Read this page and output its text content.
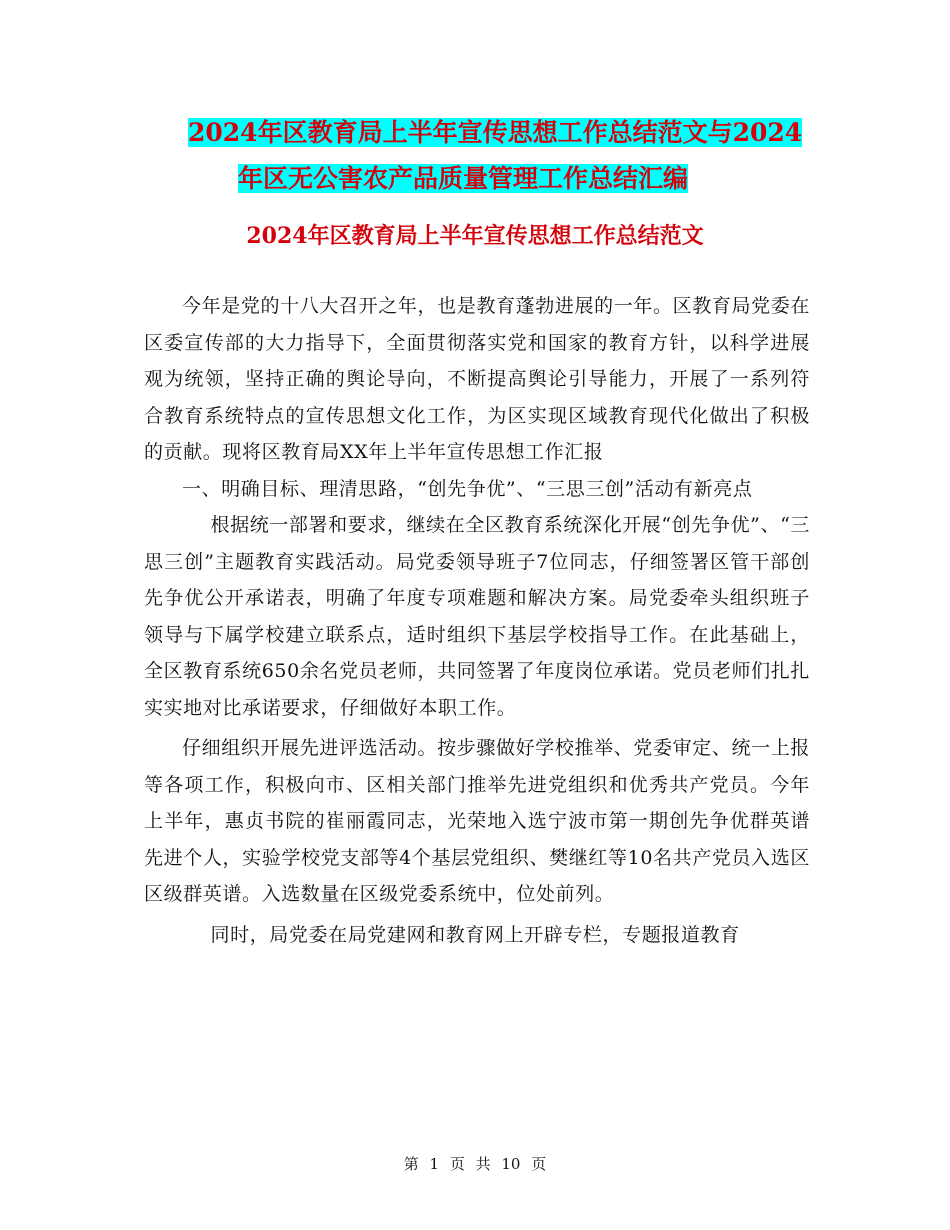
2024年区教育局上半年宣传思想工作总结范文与2024
年区无公害农产品质量管理工作总结汇编
2024年区教育局上半年宣传思想工作总结范文

今年是党的十八大召开之年，也是教育蓬勃进展的一年。区教育局党委在区委宣传部的大力指导下，全面贯彻落实党和国家的教育方针，以科学进展观为统领，坚持正确的舆论导向，不断提高舆论引导能力，开展了一系列符合教育系统特点的宣传思想文化工作，为区实现区域教育现代化做出了积极的贡献。现将区教育局XX年上半年宣传思想工作汇报

一、明确目标、理清思路，“创先争优”、“三思三创”活动有新亮点

根据统一部署和要求，继续在全区教育系统深化开展“创先争优”、“三思三创”主题教育实践活动。局党委领导班子7位同志，仔细签署区管干部创先争优公开承诺表，明确了年度专项难题和解决方案。局党委牵头组织班子领导与下属学校建立联系点，适时组织下基层学校指导工作。在此基础上，全区教育系统650余名党员老师，共同签署了年度岗位承诺。党员老师们扎扎实实地对比承诺要求，仔细做好本职工作。

仔细组织开展先进评选活动。按步骤做好学校推举、党委审定、统一上报等各项工作，积极向市、区相关部门推举先进党组织和优秀共产党员。今年上半年，惠贞书院的崔丽霞同志，光荣地入选宁波市第一期创先争优群英谱先进个人，实验学校党支部等4个基层党组织、樊继红等10名共产党员入选区区级群英谱。入选数量在区级党委系统中，位处前列。

同时，局党委在局党建网和教育网上开辟专栏，专题报道教育

第 1 页 共 10 页
